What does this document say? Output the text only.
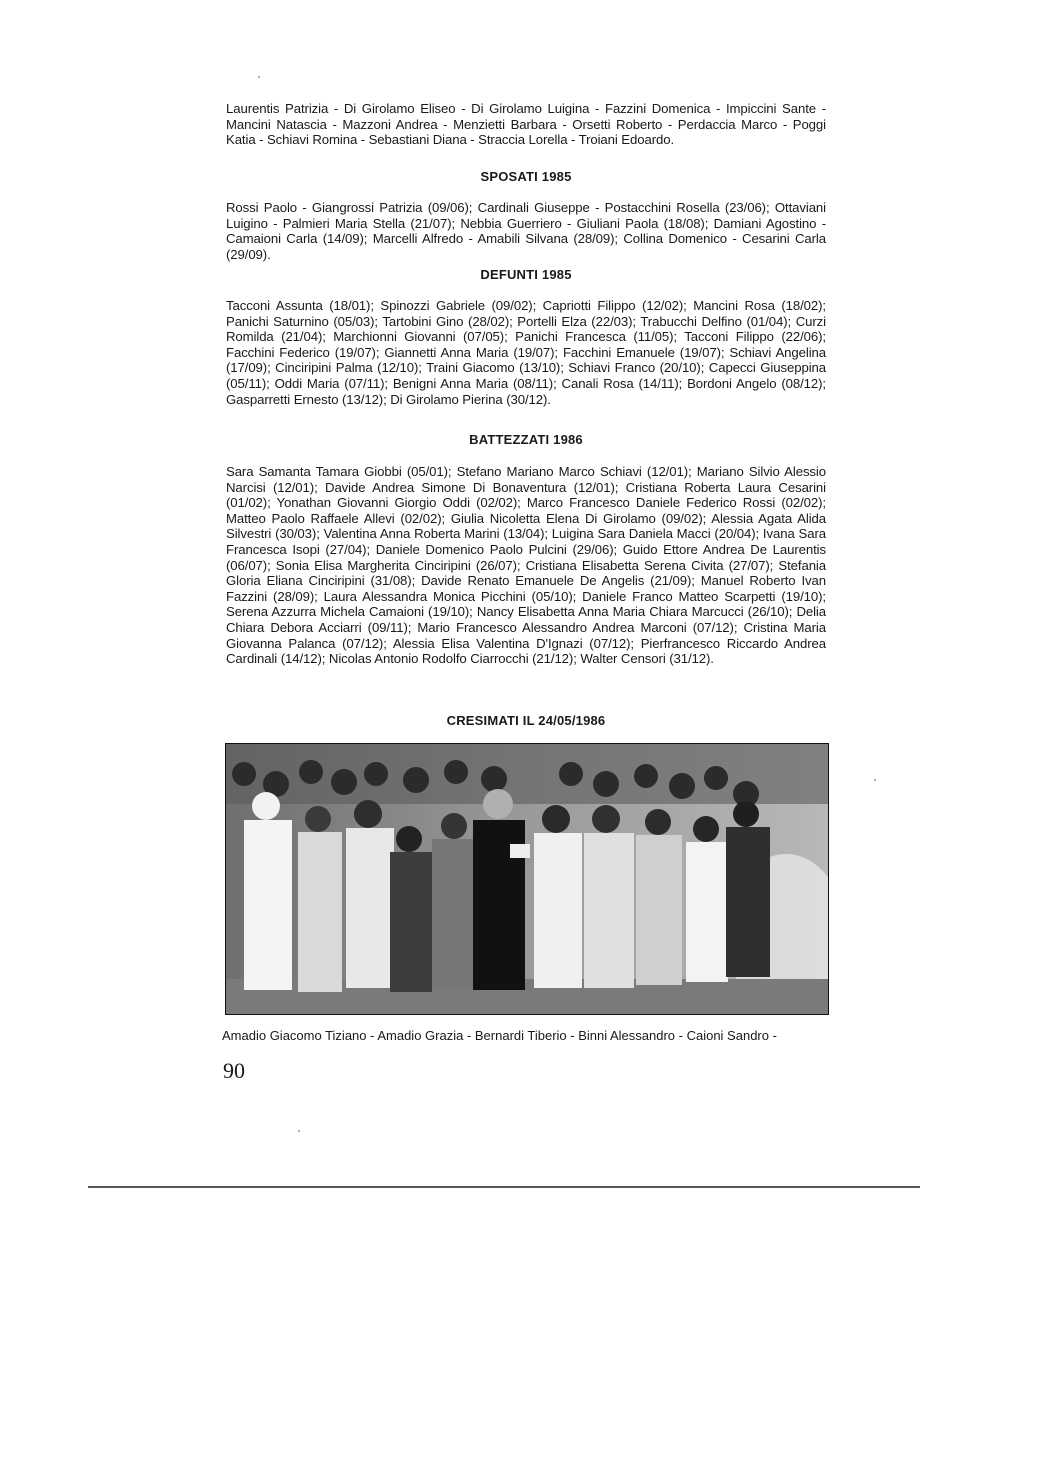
Laurentis Patrizia - Di Girolamo Eliseo - Di Girolamo Luigina - Fazzini Domenica - Impiccini Sante - Mancini Natascia - Mazzoni Andrea - Menzietti Barbara - Orsetti Roberto - Perdaccia Marco - Poggi Katia - Schiavi Romina - Sebastiani Diana - Straccia Lorella - Troiani Edoardo.

SPOSATI 1985

Rossi Paolo - Giangrossi Patrizia (09/06); Cardinali Giuseppe - Postacchini Rosella (23/06); Ottaviani Luigino - Palmieri Maria Stella (21/07); Nebbia Guerriero - Giuliani Paola (18/08); Damiani Agostino - Camaioni Carla (14/09); Marcelli Alfredo - Amabili Silvana (28/09); Collina Domenico - Cesarini Carla (29/09).

DEFUNTI 1985

Tacconi Assunta (18/01); Spinozzi Gabriele (09/02); Capriotti Filippo (12/02); Mancini Rosa (18/02); Panichi Saturnino (05/03); Tartobini Gino (28/02); Portelli Elza (22/03); Trabucchi Delfino (01/04); Curzi Romilda (21/04); Marchionni Giovanni (07/05); Panichi Francesca (11/05); Tacconi Filippo (22/06); Facchini Federico (19/07); Giannetti Anna Maria (19/07); Facchini Emanuele (19/07); Schiavi Angelina (17/09); Cinciripini Palma (12/10); Traini Giacomo (13/10); Schiavi Franco (20/10); Capecci Giuseppina (05/11); Oddi Maria (07/11); Benigni Anna Maria (08/11); Canali Rosa (14/11); Bordoni Angelo (08/12); Gasparretti Ernesto (13/12); Di Girolamo Pierina (30/12).

BATTEZZATI 1986

Sara Samanta Tamara Giobbi (05/01); Stefano Mariano Marco Schiavi (12/01); Mariano Silvio Alessio Narcisi (12/01); Davide Andrea Simone Di Bonaventura (12/01); Cristiana Roberta Laura Cesarini (01/02); Yonathan Giovanni Giorgio Oddi (02/02); Marco Francesco Daniele Federico Rossi (02/02); Matteo Paolo Raffaele Allevi (02/02); Giulia Nicoletta Elena Di Girolamo (09/02); Alessia Agata Alida Silvestri (30/03); Valentina Anna Roberta Marini (13/04); Luigina Sara Daniela Macci (20/04); Ivana Sara Francesca Isopi (27/04); Daniele Domenico Paolo Pulcini (29/06); Guido Ettore Andrea De Laurentis (06/07); Sonia Elisa Margherita Cinciripini (26/07); Cristiana Elisabetta Serena Civita (27/07); Stefania Gloria Eliana Cinciripini (31/08); Davide Renato Emanuele De Angelis (21/09); Manuel Roberto Ivan Fazzini (28/09); Laura Alessandra Monica Picchini (05/10); Daniele Franco Matteo Scarpetti (19/10); Serena Azzurra Michela Camaioni (19/10); Nancy Elisabetta Anna Maria Chiara Marcucci (26/10); Delia Chiara Debora Acciarri (09/11); Mario Francesco Alessandro Andrea Marconi (07/12); Cristina Maria Giovanna Palanca (07/12); Alessia Elisa Valentina D'Ignazi (07/12); Pierfrancesco Riccardo Andrea Cardinali (14/12); Nicolas Antonio Rodolfo Ciarrocchi (21/12); Walter Censori (31/12).

CRESIMATI IL 24/05/1986
Amadio Giacomo Tiziano - Amadio Grazia - Bernardi Tiberio - Binni Alessandro - Caioni Sandro -
90
